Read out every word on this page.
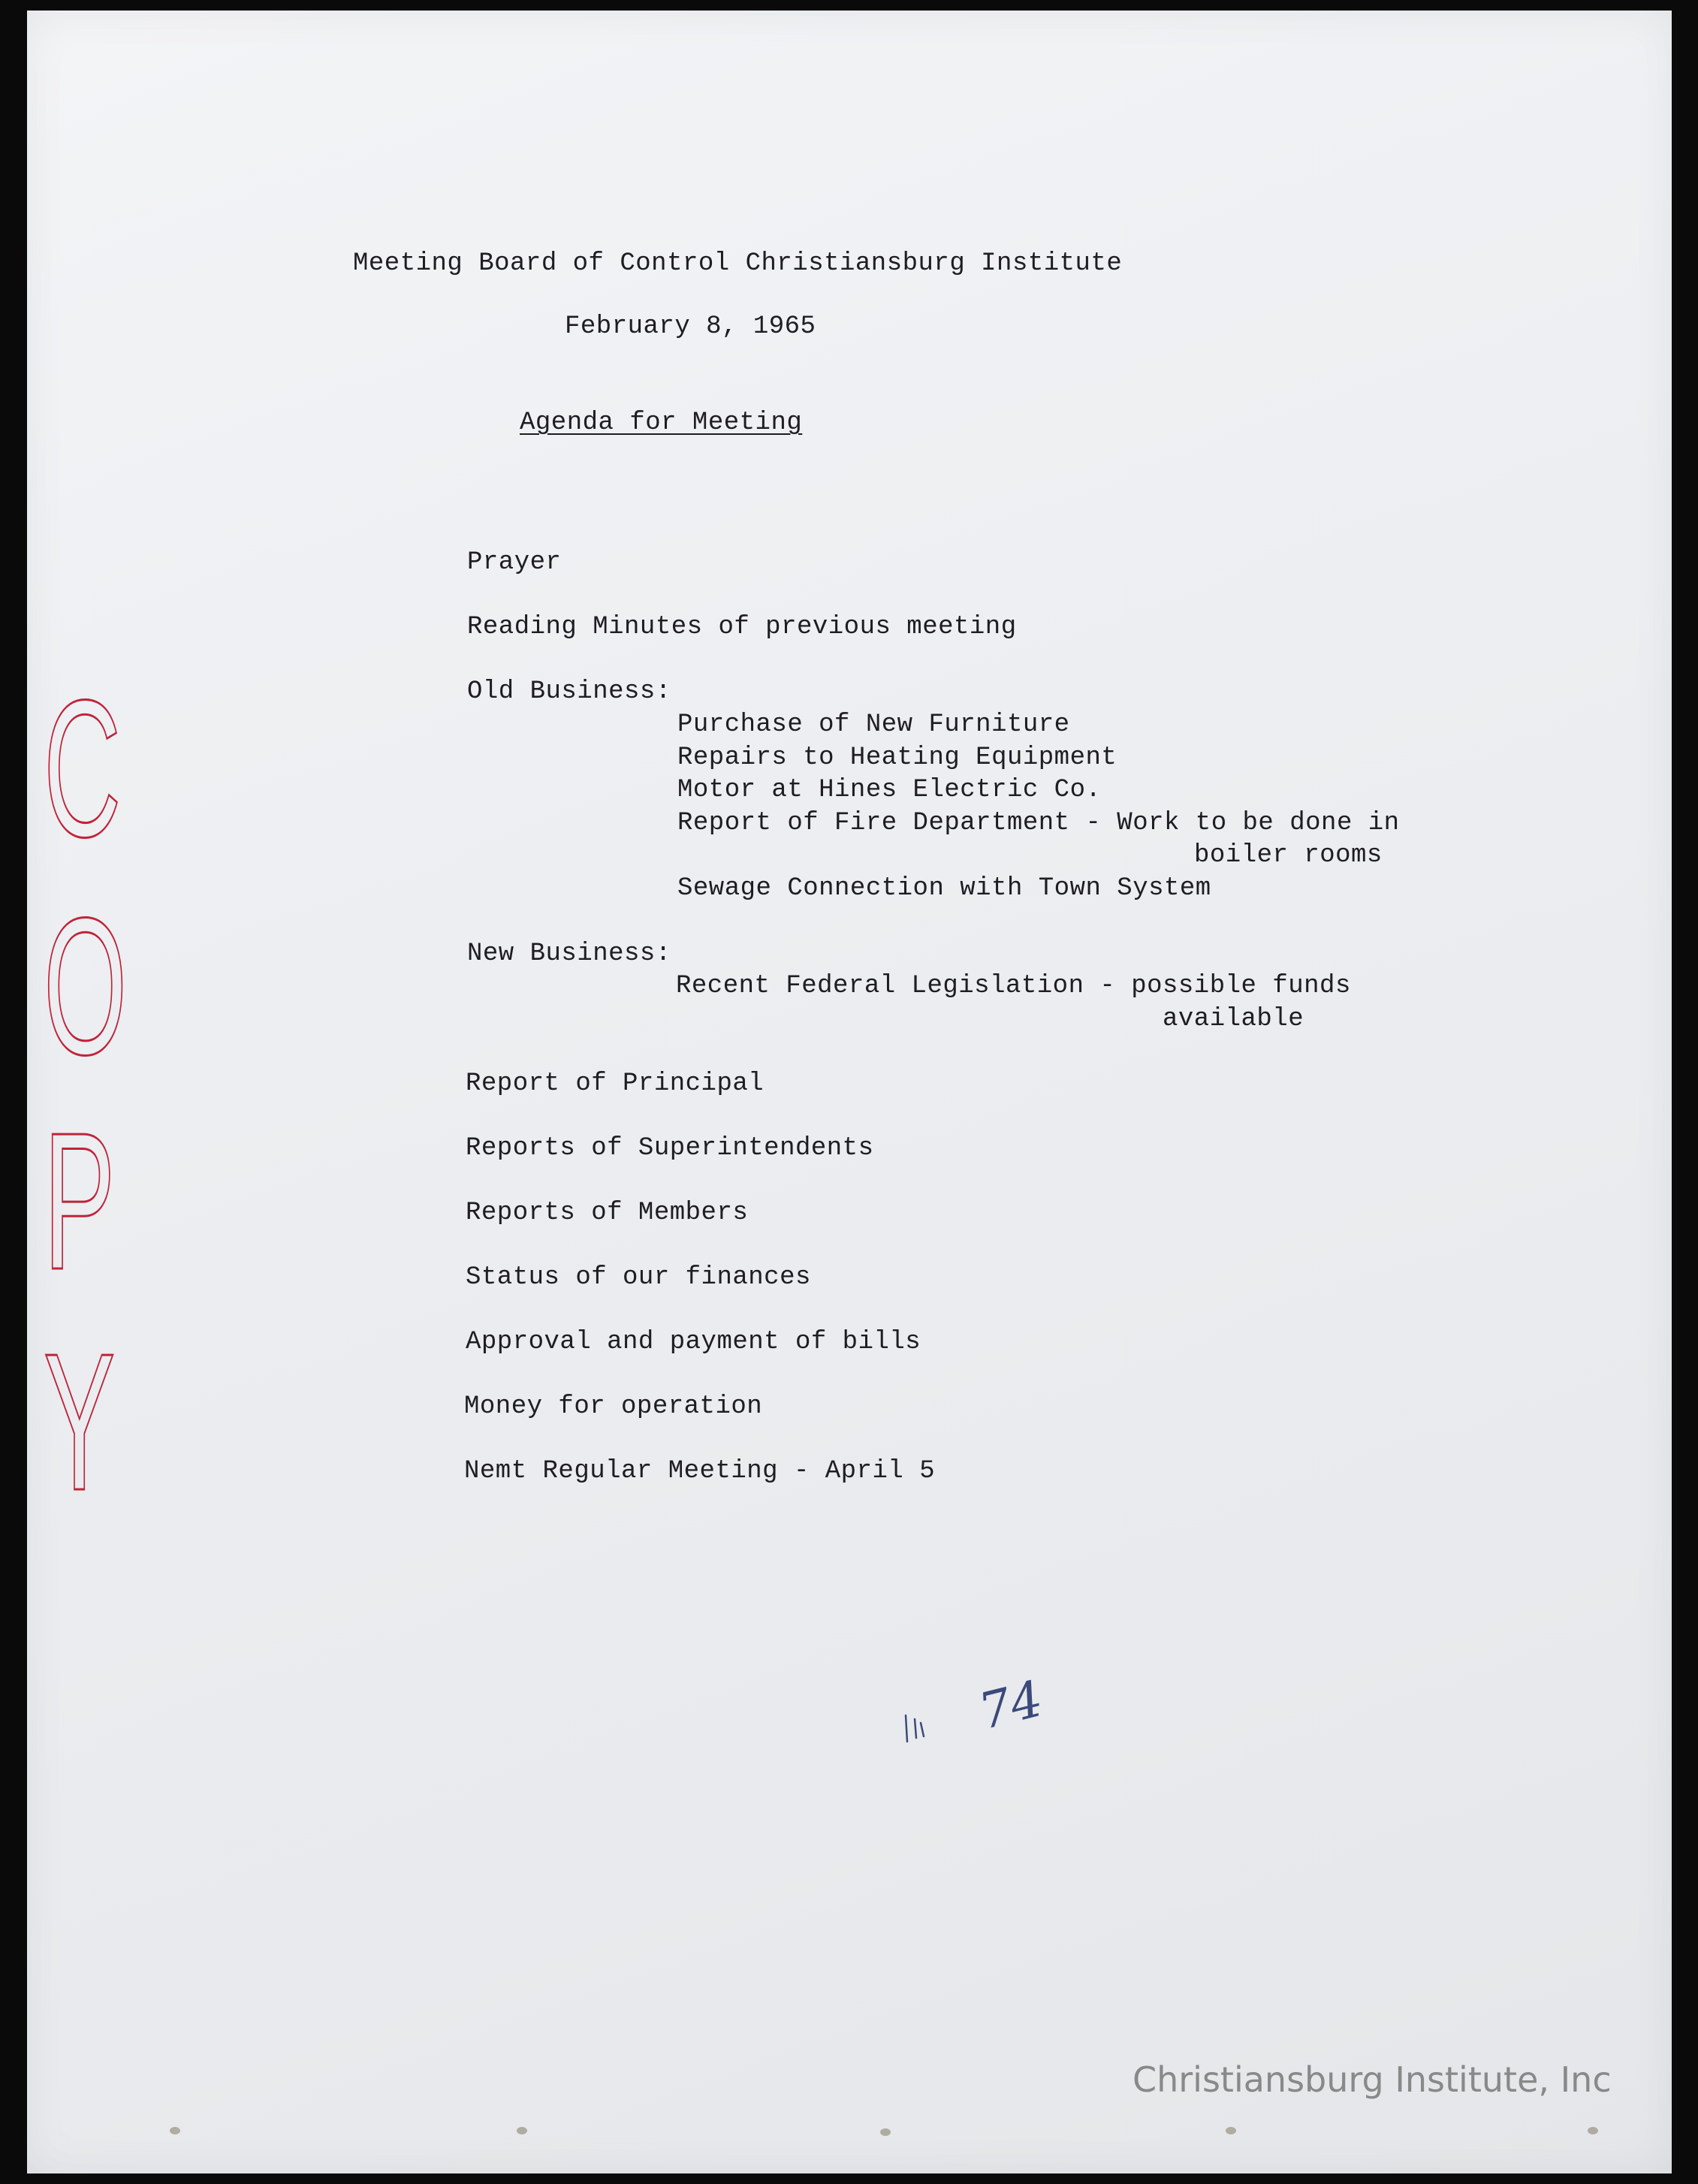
Meeting Board of Control Christiansburg Institute
February 8, 1965
Agenda for Meeting
Prayer
Reading Minutes of previous meeting
Old Business:
Purchase of New Furniture
Repairs to Heating Equipment
Motor at Hines Electric Co.
Report of Fire Department - Work to be done in
boiler rooms
Sewage Connection with Town System
New Business:
Recent Federal Legislation - possible funds
available
Report of Principal
Reports of Superintendents
Reports of Members
Status of our finances
Approval and payment of bills
Money for operation
Nemt Regular Meeting - April 5
C
O
P
Y
74
Christiansburg Institute, Inc
